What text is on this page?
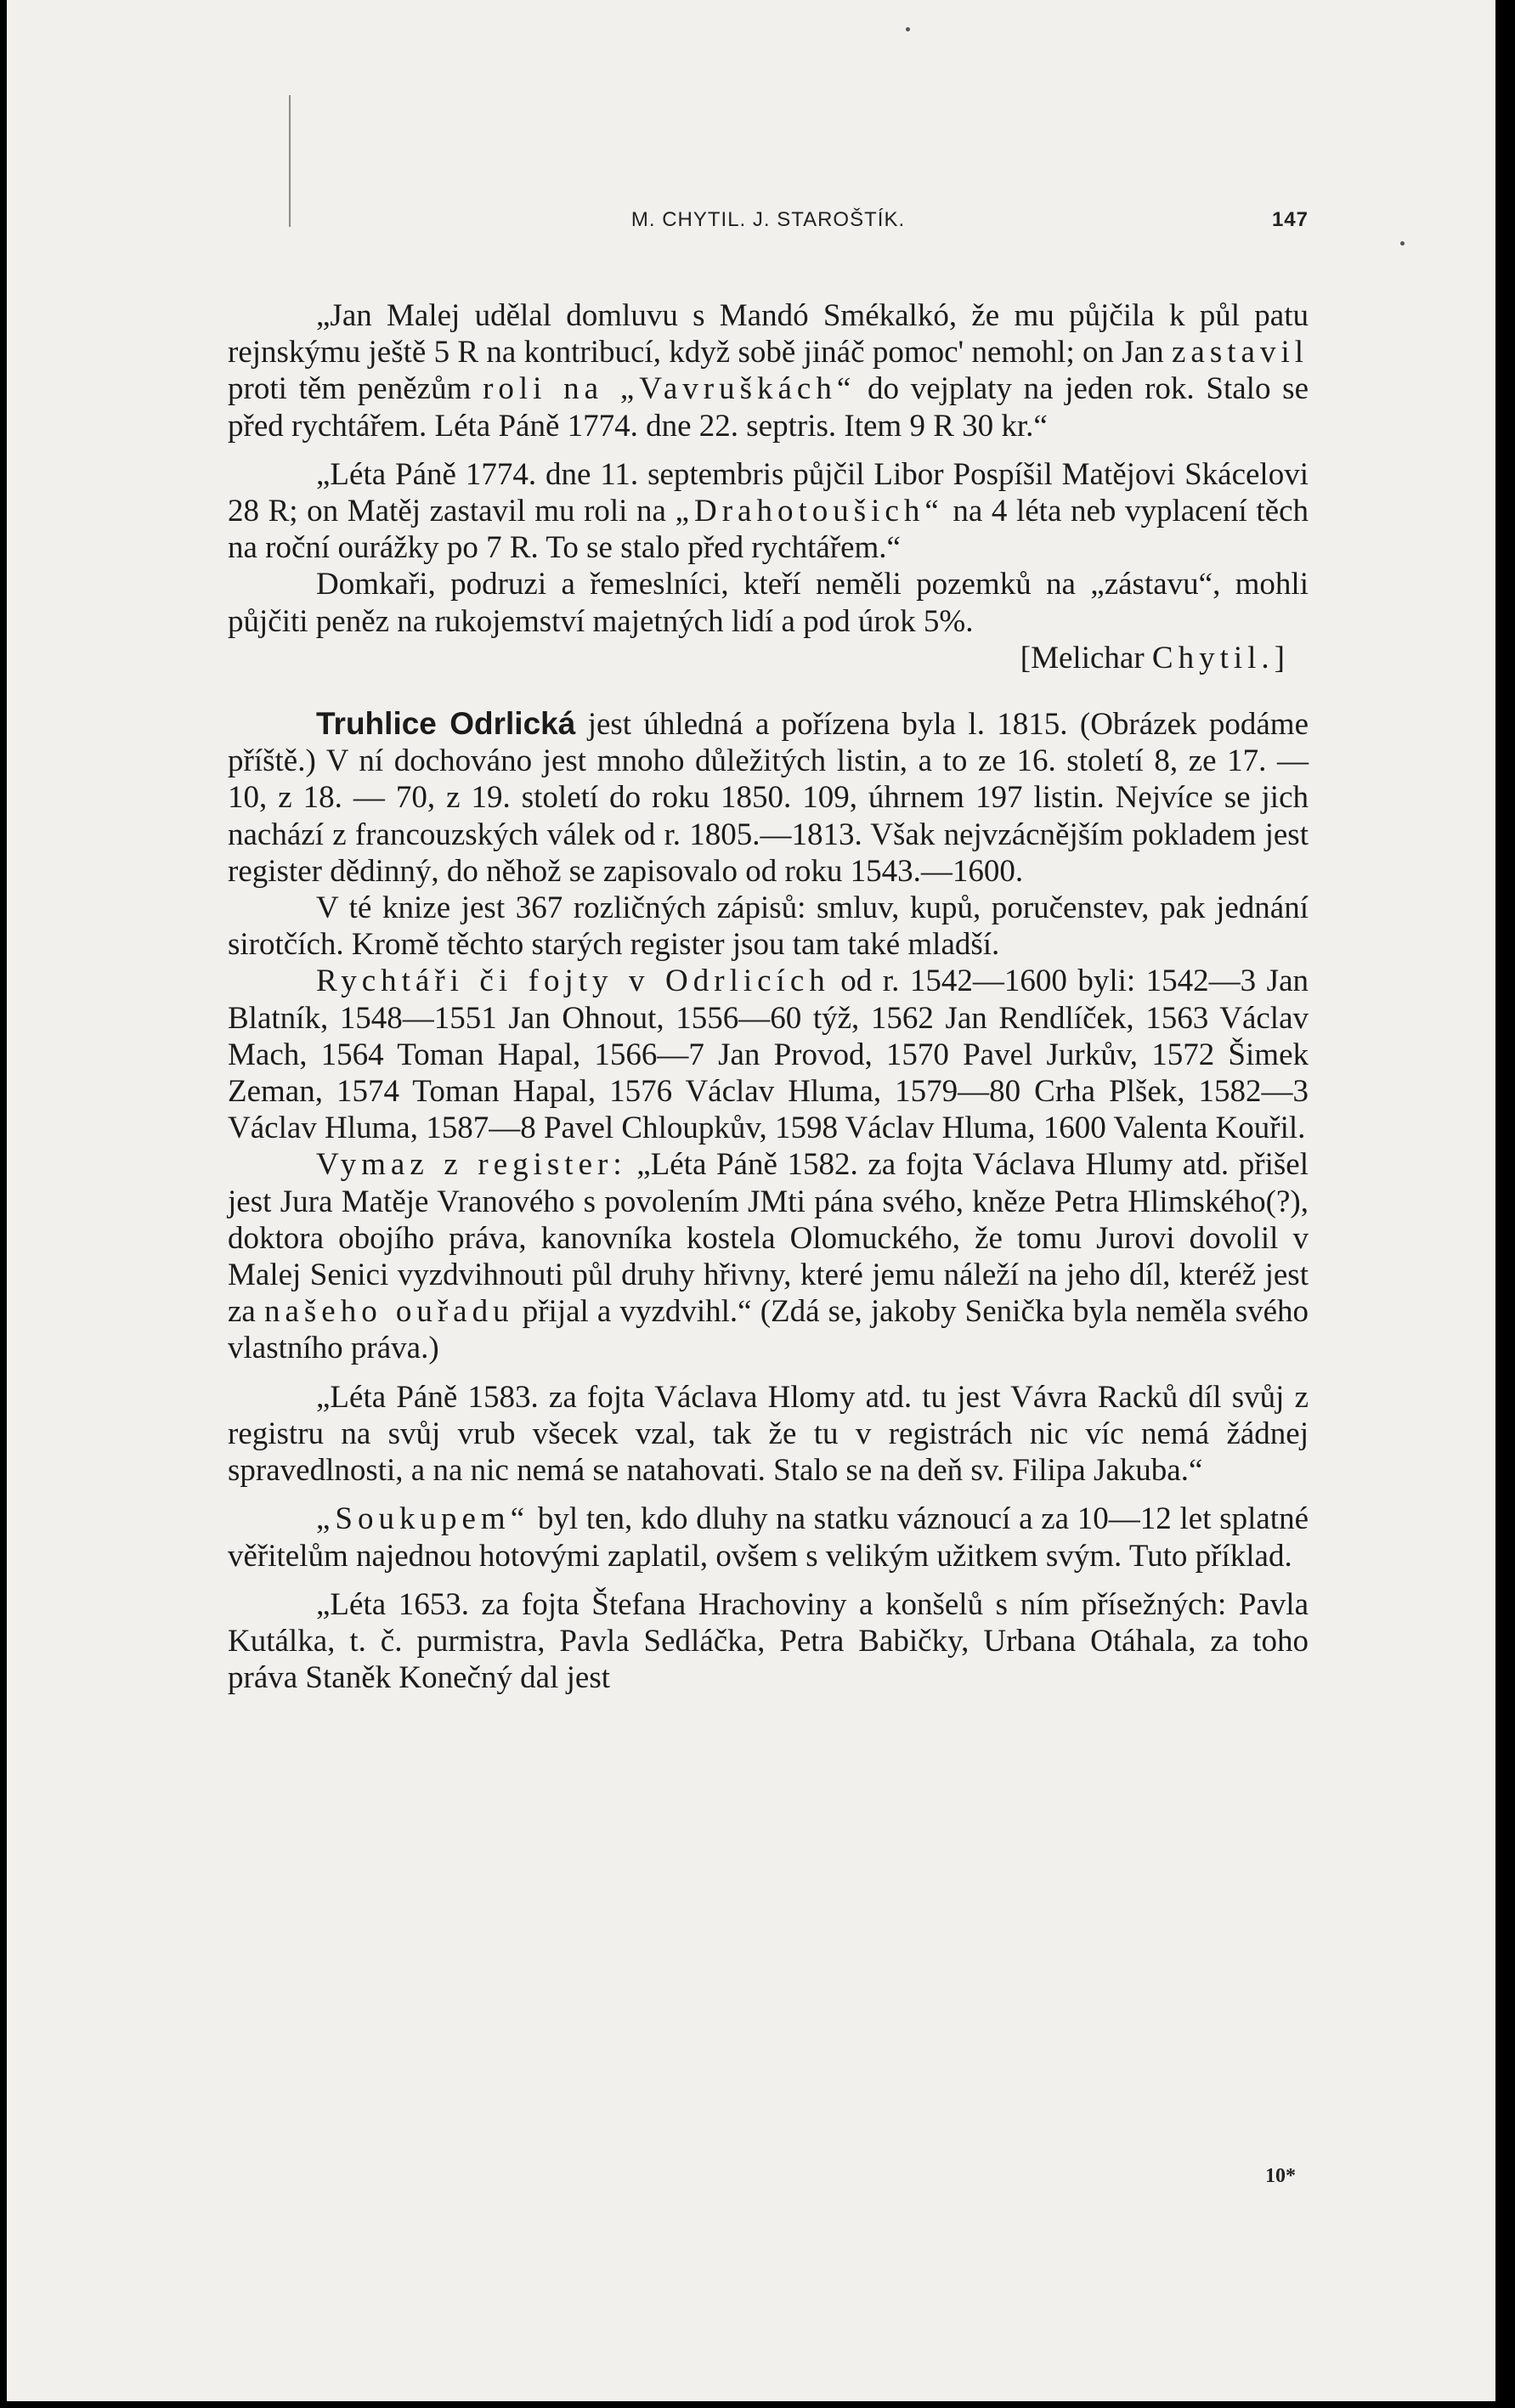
M. CHYTIL. J. STAROŠTÍK.	147

„Jan Malej udělal domluvu s Mandó Smékalkó, že mu půjčila k půl patu rejnskýmu ještě 5 R na kontribucí, když sobě jináč pomoc' nemohl; on Jan zastavil proti těm penězům roli na „Vavruškách“ do vejplaty na jeden rok. Stalo se před rychtářem. Léta Páně 1774. dne 22. septris. Item 9 R 30 kr.“

„Léta Páně 1774. dne 11. septembris půjčil Libor Pospíšil Matějovi Skácelovi 28 R; on Matěj zastavil mu roli na „Drahotoušich“ na 4 léta neb vyplacení těch na roční ourážky po 7 R. To se stalo před rychtářem.“

Domkaři, podruzi a řemeslníci, kteří neměli pozemků na „zástavu“, mohli půjčiti peněz na rukojemství majetných lidí a pod úrok 5%.

[Melichar Chytil.]

Truhlice Odrlická jest úhledná a pořízena byla l. 1815. (Obrázek podáme příště.) V ní dochováno jest mnoho důležitých listin, a to ze 16. století 8, ze 17. — 10, z 18. — 70, z 19. století do roku 1850. 109, úhrnem 197 listin. Nejvíce se jich nachází z francouzských válek od r. 1805.—1813. Však nejvzácnějším pokladem jest register dědinný, do něhož se zapisovalo od roku 1543.—1600.

V té knize jest 367 rozličných zápisů: smluv, kupů, poručenstev, pak jednání sirotčích. Kromě těchto starých register jsou tam také mladší.

Rychtáři či fojty v Odrlicích od r. 1542—1600 byli: 1542—3 Jan Blatník, 1548—1551 Jan Ohnout, 1556—60 týž, 1562 Jan Rendlíček, 1563 Václav Mach, 1564 Toman Hapal, 1566—7 Jan Provod, 1570 Pavel Jurkův, 1572 Šimek Zeman, 1574 Toman Hapal, 1576 Václav Hluma, 1579—80 Crha Plšek, 1582—3 Václav Hluma, 1587—8 Pavel Chloupkův, 1598 Václav Hluma, 1600 Valenta Kouřil.

Vymaz z register: „Léta Páně 1582. za fojta Václava Hlumy atd. přišel jest Jura Matěje Vranového s povolením JMti pána svého, kněze Petra Hlimského(?), doktora obojího práva, kanovníka kostela Olomuckého, že tomu Jurovi dovolil v Malej Senici vyzdvihnouti půl druhy hřivny, které jemu náleží na jeho díl, kteréž jest za našeho ouřadu přijal a vyzdvihl.“ (Zdá se, jakoby Senička byla neměla svého vlastního práva.)

„Léta Páně 1583. za fojta Václava Hlomy atd. tu jest Vávra Racků díl svůj z registru na svůj vrub všecek vzal, tak že tu v registrách nic víc nemá žádnej spravedlnosti, a na nic nemá se natahovati. Stalo se na deň sv. Filipa Jakuba.“

„Soukupem“ byl ten, kdo dluhy na statku váznoucí a za 10—12 let splatné věřitelům najednou hotovými zaplatil, ovšem s velikým užitkem svým. Tuto příklad.

„Léta 1653. za fojta Štefana Hrachoviny a konšelů s ním přísežných: Pavla Kutálka, t. č. purmistra, Pavla Sedláčka, Petra Babičky, Urbana Otáhala, za toho práva Staněk Konečný dal jest

10*
